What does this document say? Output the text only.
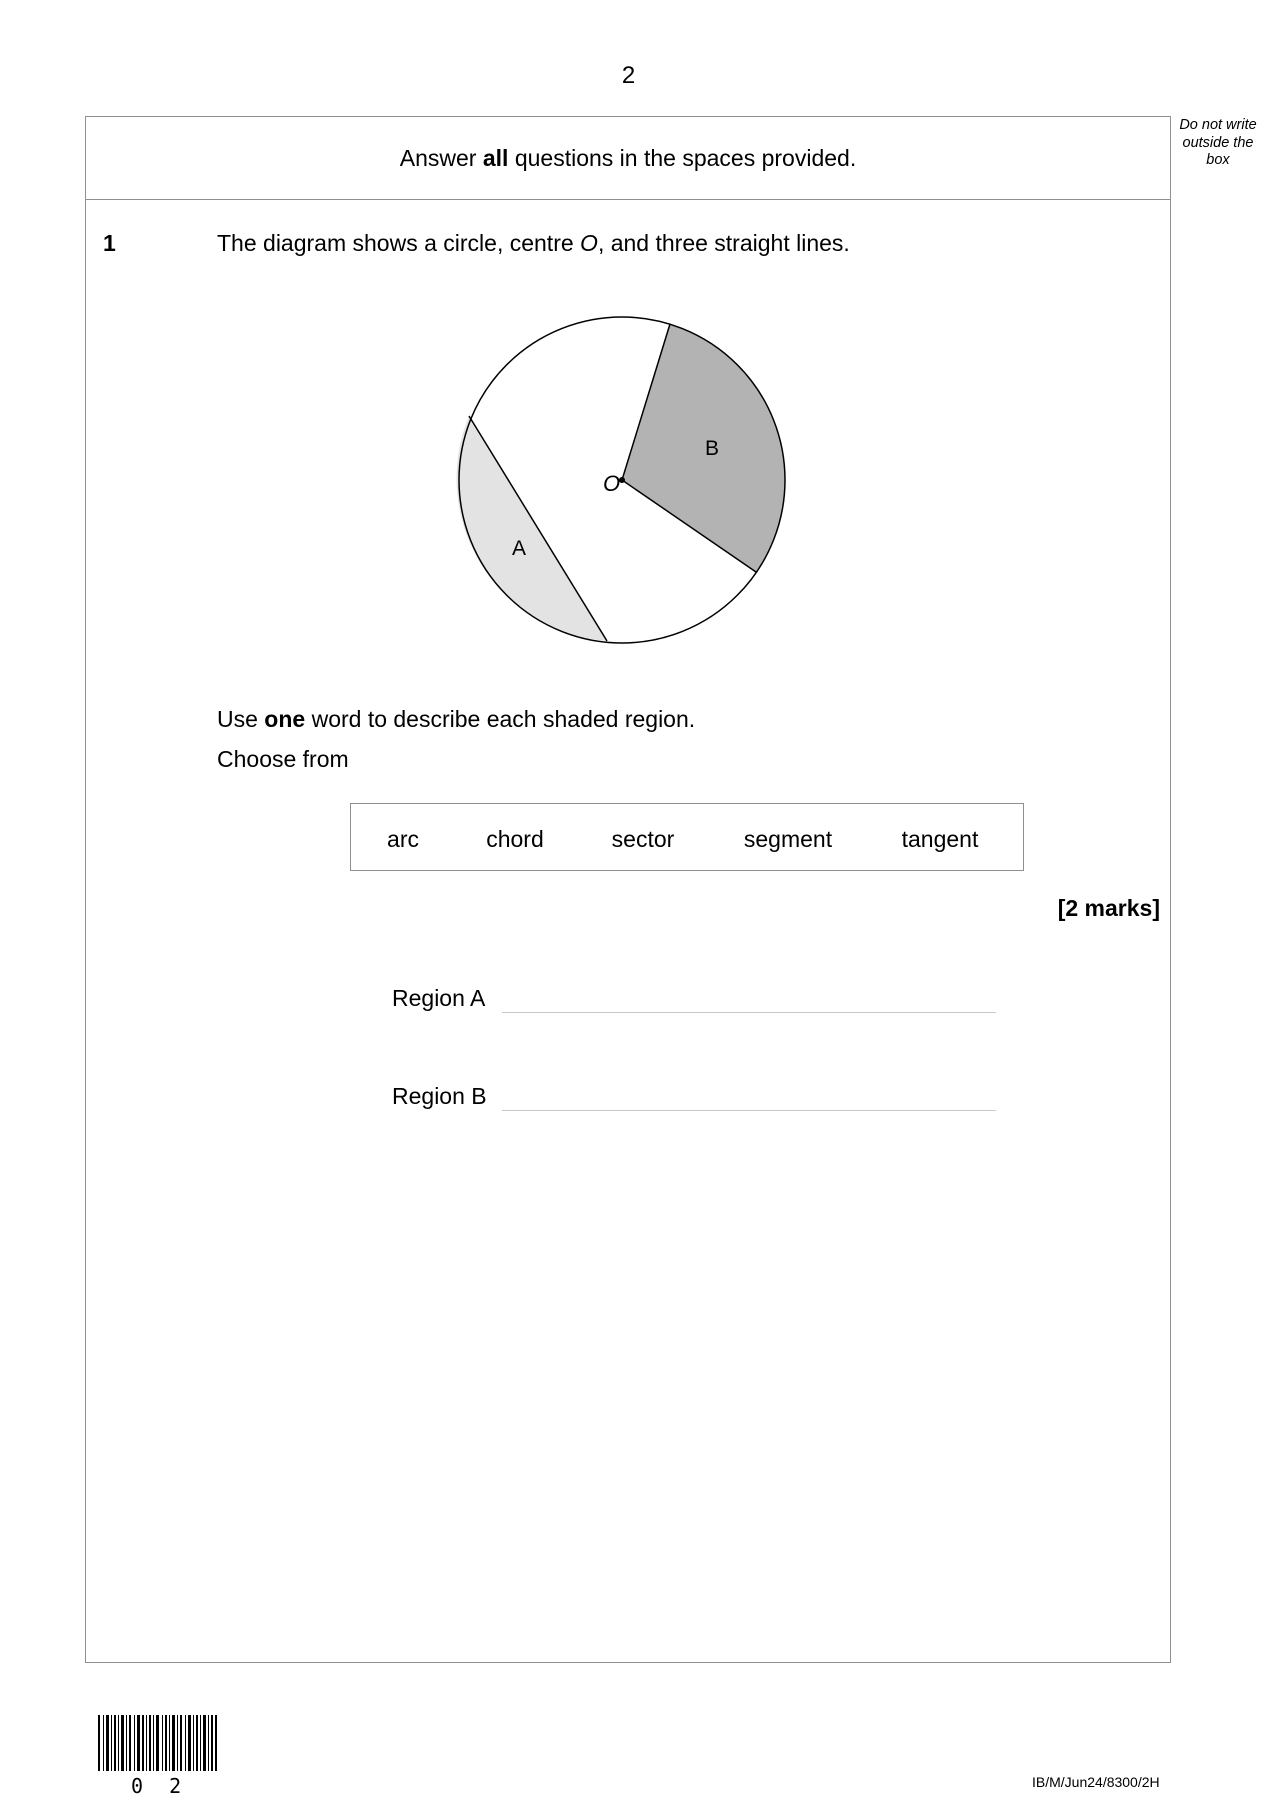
2
Do not write
outside the
box
Answer all questions in the spaces provided.
1	The diagram shows a circle, centre O, and three straight lines.
O
A
B
Use one word to describe each shaded region.
Choose from
arc	chord	sector	segment	tangent
[2 marks]
Region A
Region B
0 2	IB/M/Jun24/8300/2H
